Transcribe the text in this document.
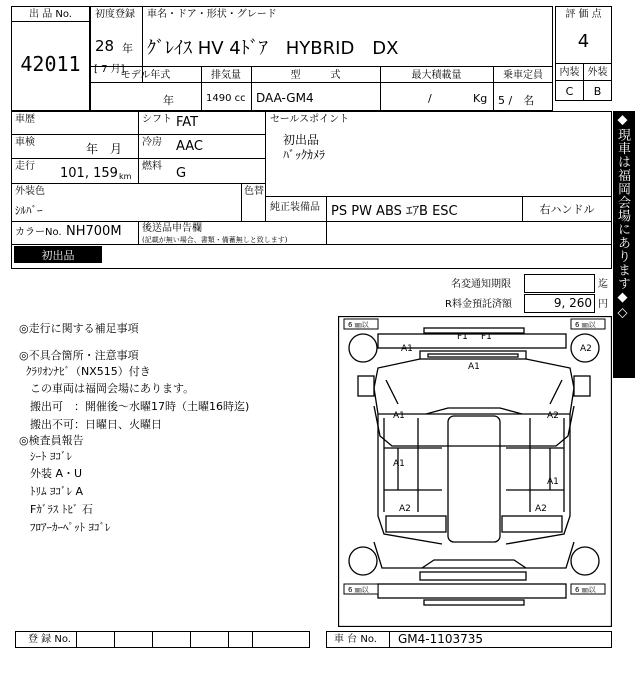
出 品 No.
42011
初度登録
28 年
[ 7 月]
車名・ドア・形状・グレード
ｸﾞﾚｲｽ HV 4ﾄﾞｱ　HYBRID　DX
評 価 点
4
内装 外装
C	B
モデル年式	排気量	型　　　式	最大積載量	乗車定員
年	1490 cc DAA-GM4	/	Kg 5 /　名
車歴
車検	年　月
走行 101, 159 km
シフト FAT
冷房 AAC
燃料 G
セールスポイント
初出品
ﾊﾞｯｸｶﾒﾗ
外装色
ｼﾙﾊﾞｰ
色替
純正装備品 PS PW ABS ｴｱB ESC	右ハンドル
カラーNo. NH700M 後送品申告欄
(記載が無い場合、書類・備蓄無しと致します)
初出品
名変通知期限	迄
R料金預託済額	9, 260 円
◎走行に関する補足事項
◎不具合箇所・注意事項
ｸﾗﾘｵﾝﾅﾋﾞ（NX515）付き
この車両は福岡会場にあります。
搬出可　：開催後～水曜17時（土曜16時迄)
搬出不可：日曜日、火曜日
◎検査員報告
ｼｰﾄ ﾖｺﾞﾚ
外装 A・U
ﾄﾘﾑ ﾖｺﾞﾚ A
Fｶﾞﾗｽ ﾄﾋﾞ 石
ﾌﾛｱｰｶｰﾍﾟｯﾄ ﾖｺﾞﾚ
◇◆現車は福岡会場にあります◆◇
6 ㎜以	6 ㎜以
6 ㎜以	6 ㎜以
A1
F1 F1
A2
A1
A1	A2
A1
A1
A2	A2
登 録 No.	車 台 No. GM4-1103735
